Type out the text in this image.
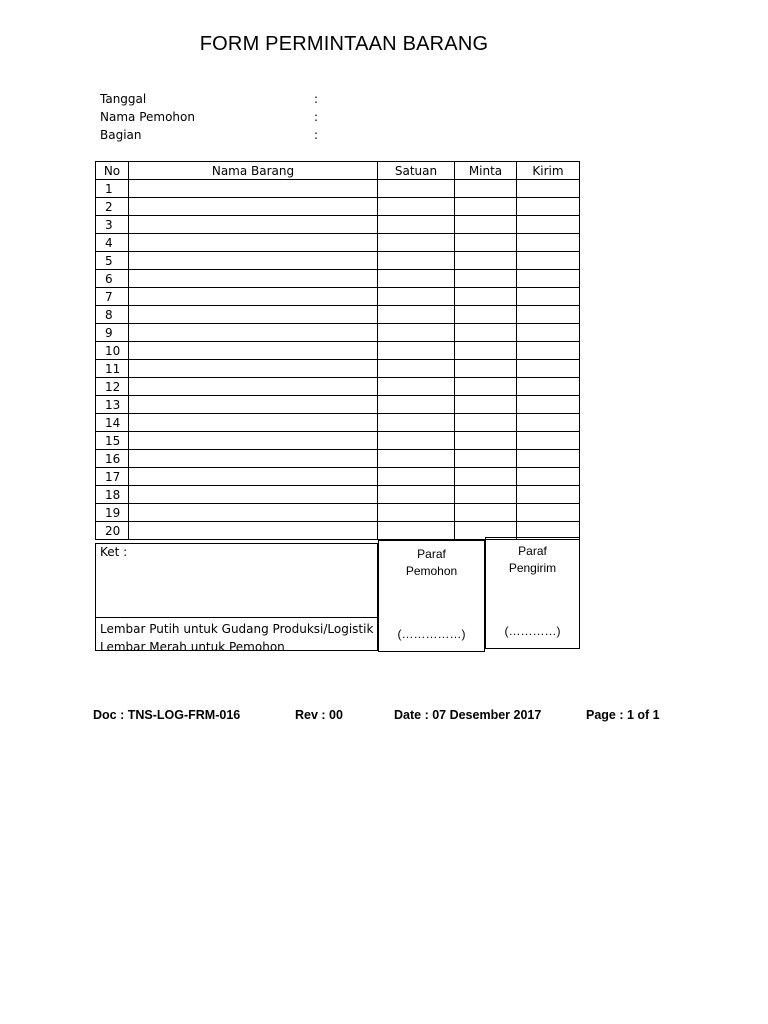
FORM PERMINTAAN BARANG
Tanggal	:
Nama Pemohon	:
Bagian	:
No	Nama Barang	Satuan	Minta	Kirim
1				
2				
3				
4				
5				
6				
7				
8				
9				
10				
11				
12				
13				
14				
15				
16				
17				
18				
19				
20				
Ket :
Lembar Putih untuk Gudang Produksi/Logistik
Lembar Merah untuk Pemohon
Paraf
Pemohon
(……………)
Paraf
Pengirim
(…………)
Doc : TNS-LOG-FRM-016	Rev : 00	Date : 07 Desember 2017	Page : 1 of 1
